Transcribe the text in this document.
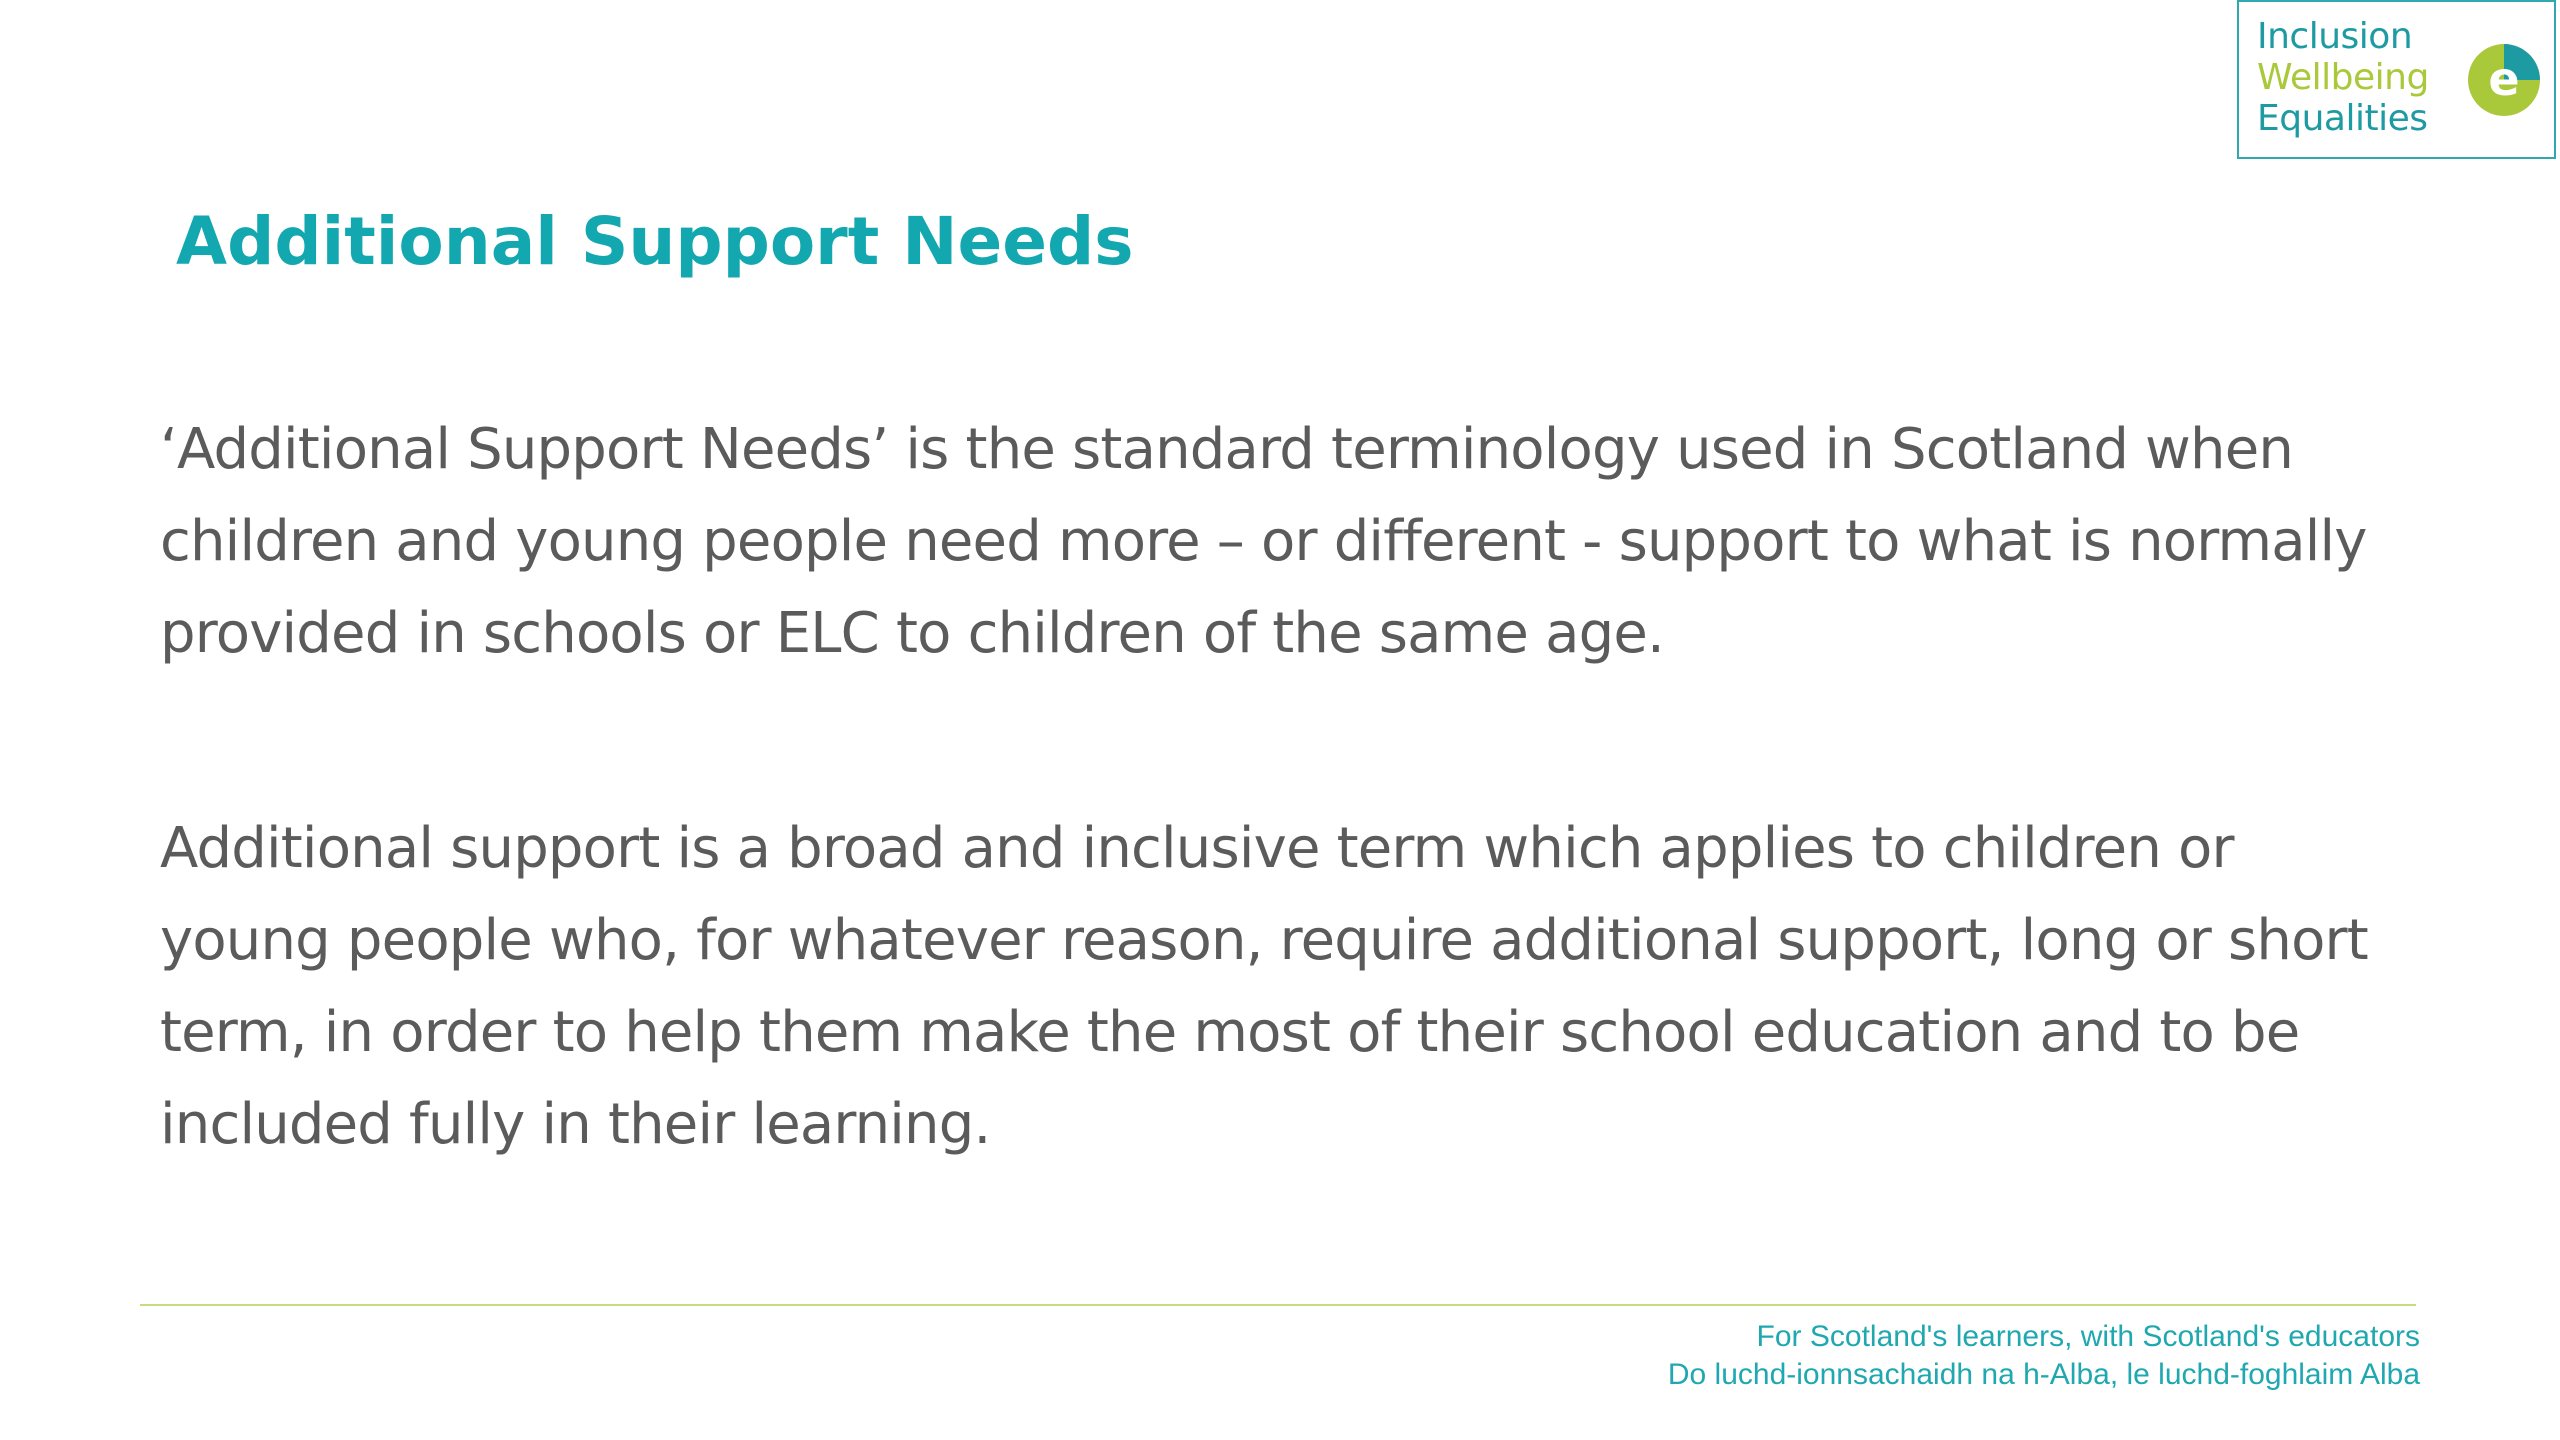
Inclusion
Wellbeing
Equalities
e
Additional Support Needs

‘Additional Support Needs’ is the standard terminology used in Scotland when children and young people need more – or different - support to what is normally provided in schools or ELC to children of the same age.

Additional support is a broad and inclusive term which applies to children or young people who, for whatever reason, require additional support, long or short term, in order to help them make the most of their school education and to be included fully in their learning.

For Scotland's learners, with Scotland's educators
Do luchd-ionnsachaidh na h-Alba, le luchd-foghlaim Alba
